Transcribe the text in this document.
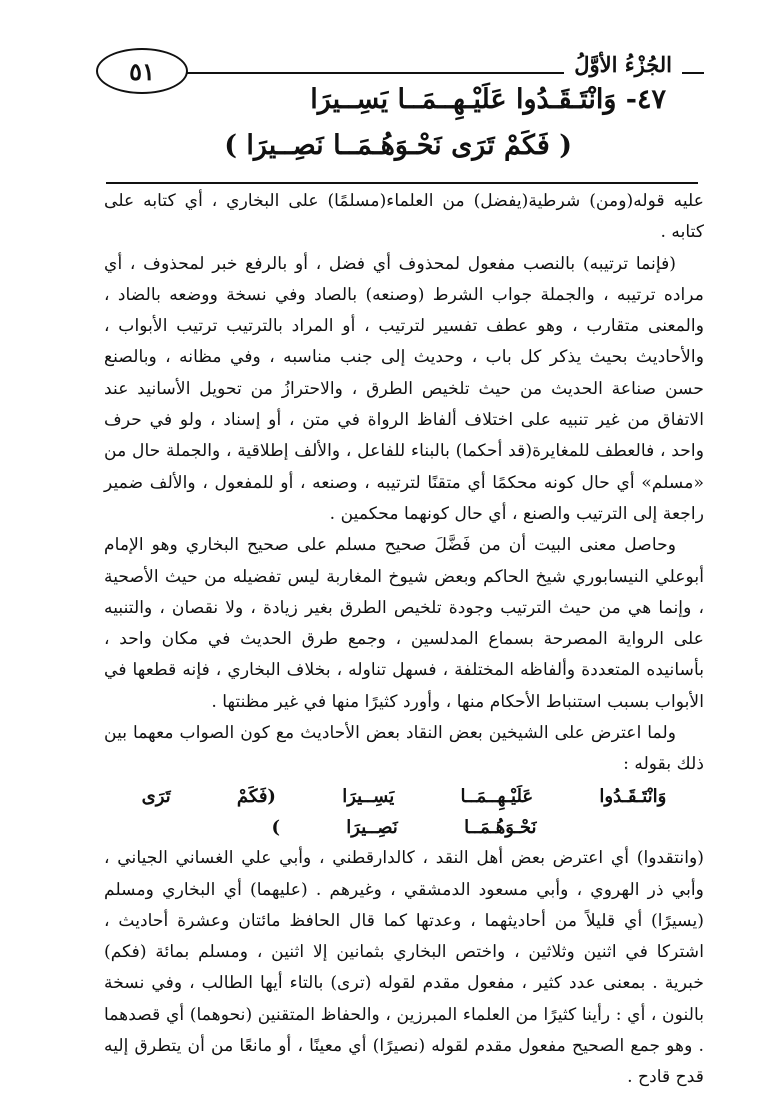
٥١	الجُزْءُ الأوَّلُ
٤٧- وَانْتَـقَـدُوا عَلَيْـهِــمَــا يَسِــيرَا
( فَكَمْ تَرَى نَحْـوَهُـمَــا نَصِــيرَا )

عليه قوله(ومن) شرطية(يفضل) من العلماء(مسلمًا) على البخاري ، أي كتابه على كتابه .

(فإنما ترتيبه) بالنصب مفعول لمحذوف أي فضل ، أو بالرفع خبر لمحذوف ، أي مراده ترتيبه ، والجملة جواب الشرط (وصنعه) بالصاد وفي نسخة ووضعه بالضاد ، والمعنى متقارب ، وهو عطف تفسير لترتيب ، أو المراد بالترتيب ترتيب الأبواب ، والأحاديث بحيث يذكر كل باب ، وحديث إلى جنب مناسبه ، وفي مظانه ، وبالصنع حسن صناعة الحديث من حيث تلخيص الطرق ، والاحترازُ من تحويل الأسانيد عند الاتفاق من غير تنبيه على اختلاف ألفاظ الرواة في متن ، أو إسناد ، ولو في حرف واحد ، فالعطف للمغايرة(قد أحكما) بالبناء للفاعل ، والألف إطلاقية ، والجملة حال من «مسلم» أي حال كونه محكمًا أي متقنًا لترتيبه ، وصنعه ، أو للمفعول ، والألف ضمير راجعة إلى الترتيب والصنع ، أي حال كونهما محكمين .

وحاصل معنى البيت أن من فَضَّلَ صحيح مسلم على صحيح البخاري وهو الإمام أبوعلي النيسابوري شيخ الحاكم وبعض شيوخ المغاربة ليس تفضيله من حيث الأصحية ، وإنما هي من حيث الترتيب وجودة تلخيص الطرق بغير زيادة ، ولا نقصان ، والتنبيه على الرواية المصرحة بسماع المدلسين ، وجمع طرق الحديث في مكان واحد ، بأسانيده المتعددة وألفاظه المختلفة ، فسهل تناوله ، بخلاف البخاري ، فإنه قطعها في الأبواب بسبب استنباط الأحكام منها ، وأورد كثيرًا منها في غير مظنتها .

ولما اعترض على الشيخين بعض النقاد بعض الأحاديث مع كون الصواب معهما بين ذلك بقوله :

وَانْتَـقَـدُوا عَلَيْـهِــمَــا يَسِــيرَا (فَكَمْ تَرَى نَحْـوَهُـمَــا نَصِــيرَا )

(وانتقدوا) أي اعترض بعض أهل النقد ، كالدارقطني ، وأبي علي الغساني الجياني ، وأبي ذر الهروي ، وأبي مسعود الدمشقي ، وغيرهم . (عليهما) أي البخاري ومسلم (يسيرًا) أي قليلاً من أحاديثهما ، وعدتها كما قال الحافظ مائتان وعشرة أحاديث ، اشتركا في اثنين وثلاثين ، واختص البخاري بثمانين إلا اثنين ، ومسلم بمائة (فكم) خبرية . بمعنى عدد كثير ، مفعول مقدم لقوله (ترى) بالتاء أيها الطالب ، وفي نسخة بالنون ، أي : رأينا كثيرًا من العلماء المبرزين ، والحفاظ المتقنين (نحوهما) أي قصدهما . وهو جمع الصحيح مفعول مقدم لقوله (نصيرًا) أي معينًا ، أو مانعًا من أن يتطرق إليه قدح قادح .
